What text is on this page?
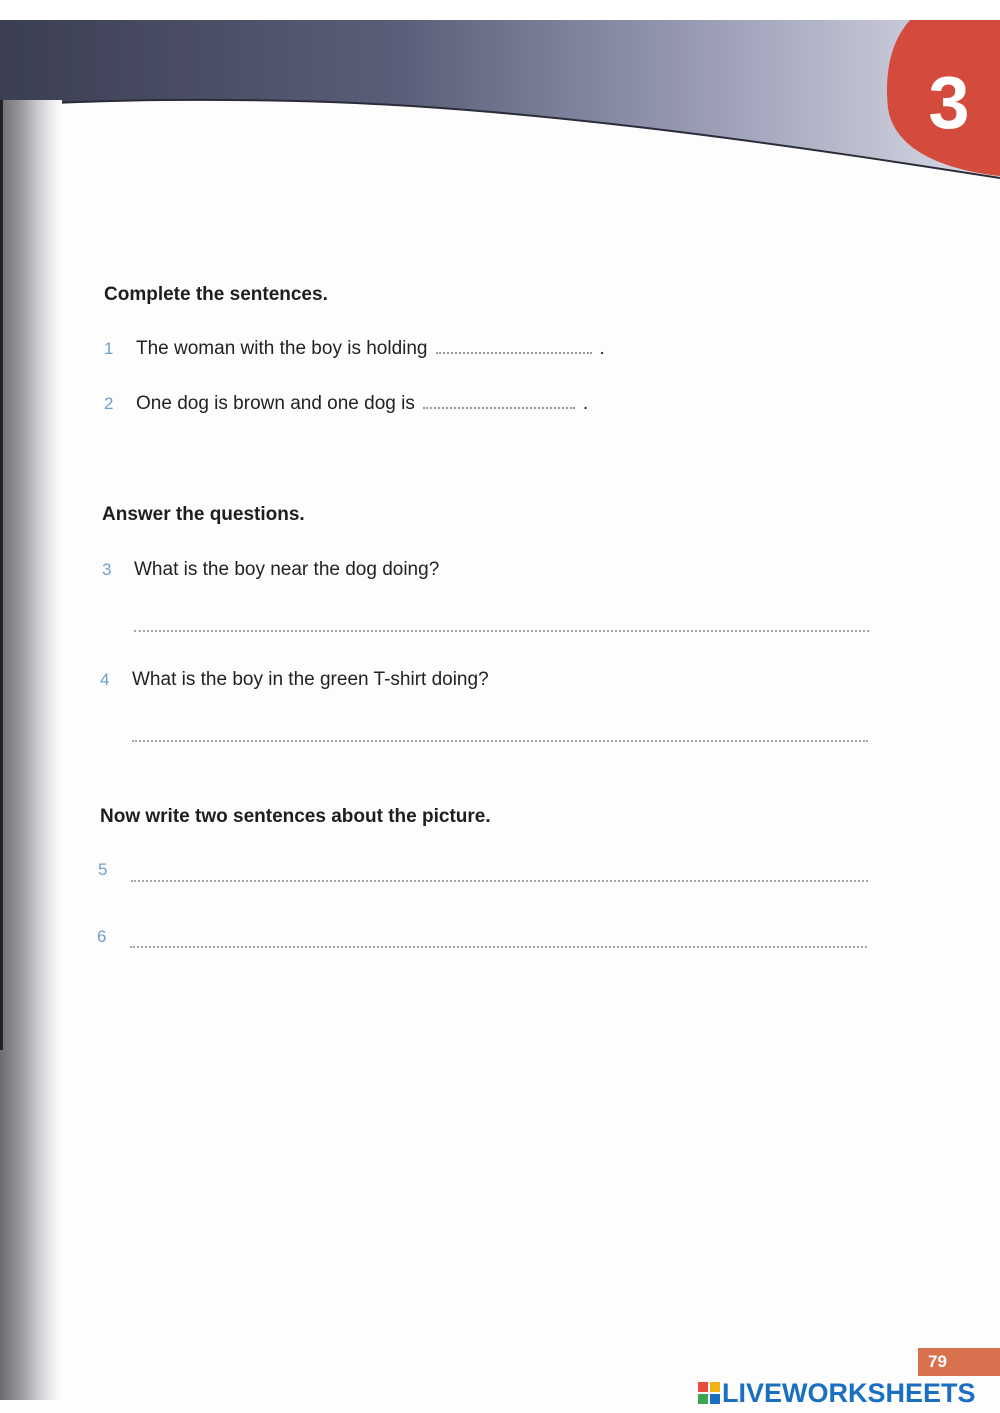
3
Complete the sentences.
1	The woman with the boy is holding	.
2	One dog is brown and one dog is	.
Answer the questions.
3	What is the boy near the dog doing?
4	What is the boy in the green T-shirt doing?
Now write two sentences about the picture.
5
6
79
LIVEWORKSHEETS
